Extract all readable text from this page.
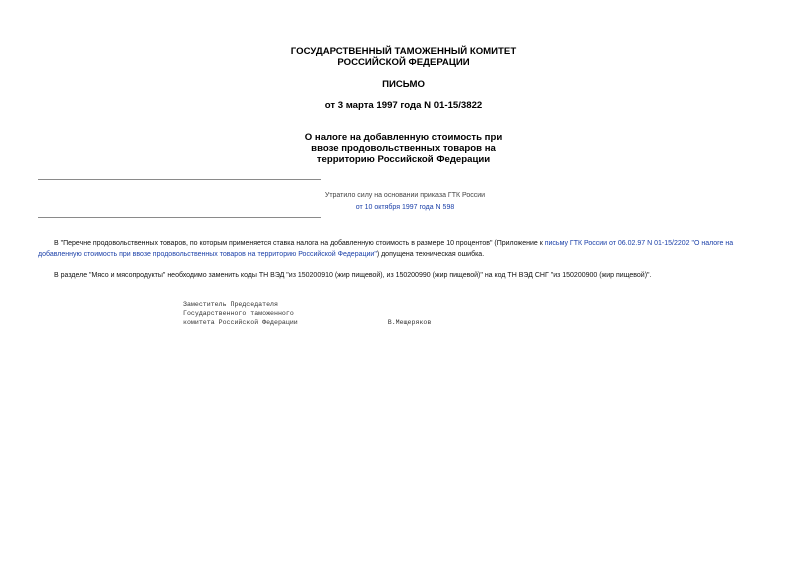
ГОСУДАРСТВЕННЫЙ ТАМОЖЕННЫЙ КОМИТЕТ
РОССИЙСКОЙ ФЕДЕРАЦИИ
ПИСЬМО
от 3 марта 1997 года N 01-15/3822
О налоге на добавленную стоимость при
ввозе продовольственных товаров на
территорию Российской Федерации
Утратило силу на основании приказа ГТК России
от 10 октября 1997 года N 598
В "Перечне продовольственных товаров, по которым применяется ставка налога на добавленную стоимость в размере 10 процентов" (Приложение к письму ГТК России от 06.02.97 N 01-15/2202 "О налоге на добавленную стоимость при ввозе продовольственных товаров на территорию Российской Федерации") допущена техническая ошибка.
В разделе "Мясо и мясопродукты" необходимо заменить коды ТН ВЭД "из 150200910 (жир пищевой), из 150200990 (жир пищевой)" на код ТН ВЭД СНГ "из 150200900 (жир пищевой)".
Заместитель Председателя
Государственного таможенного
комитета Российской Федерации	В.Мещеряков
